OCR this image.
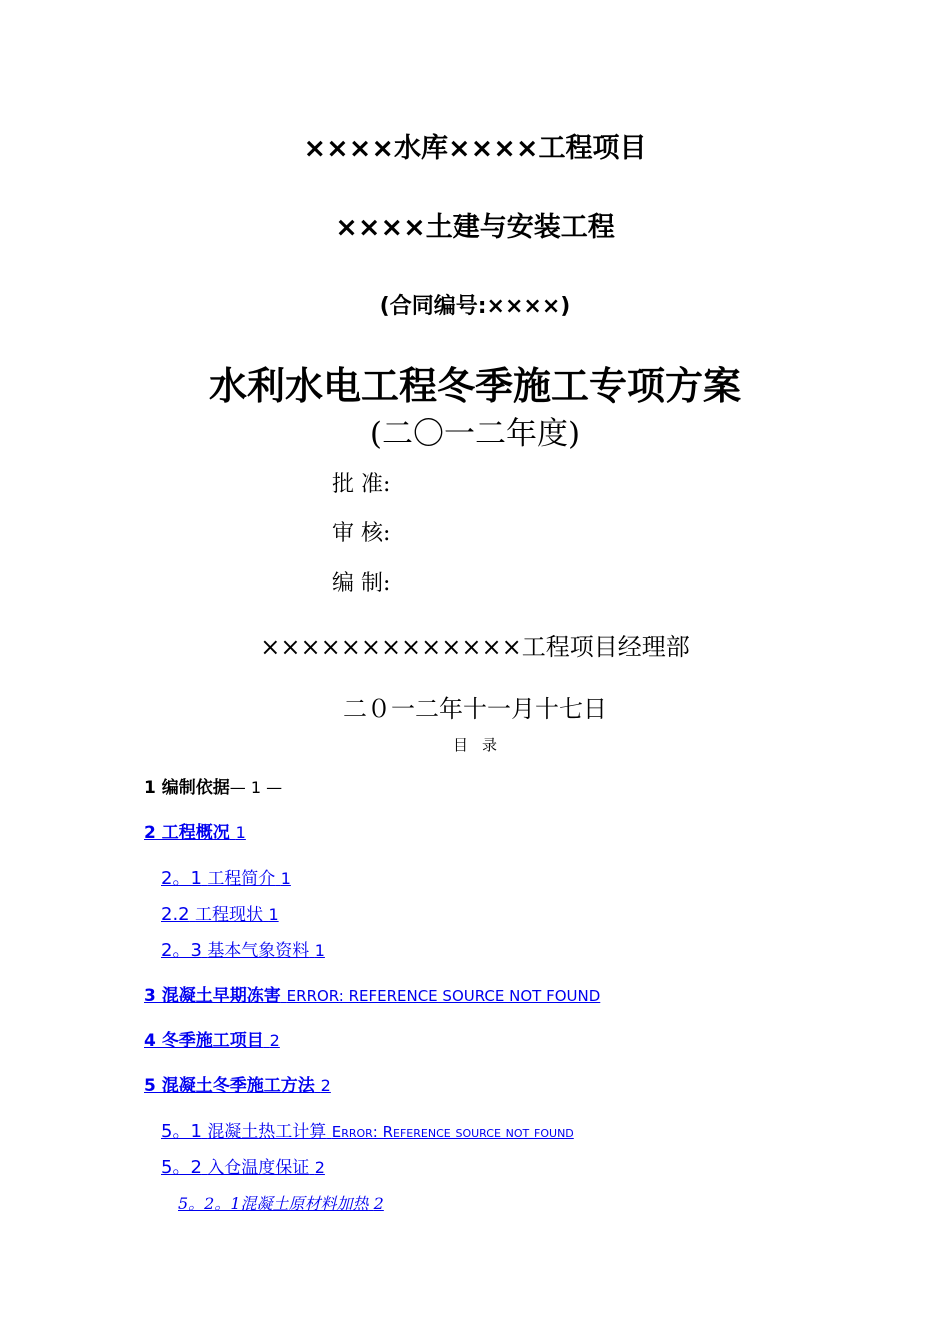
××××水库××××工程项目
××××土建与安装工程
(合同编号:××××)
水利水电工程冬季施工专项方案
(二〇一二年度)
批 准:
审 核:
编 制:
×××××××××××××工程项目经理部
二０一二年十一月十七日
目录
1 编制依据— 1 —
2 工程概况 1
2。1 工程简介 1
2.2 工程现状 1
2。3 基本气象资料 1
3 混凝土早期冻害 ERROR: REFERENCE SOURCE NOT FOUND
4 冬季施工项目 2
5 混凝土冬季施工方法 2
5。1 混凝土热工计算 Error: Reference source not found
5。2 入仓温度保证 2
5。2。1混凝土原材料加热 2
